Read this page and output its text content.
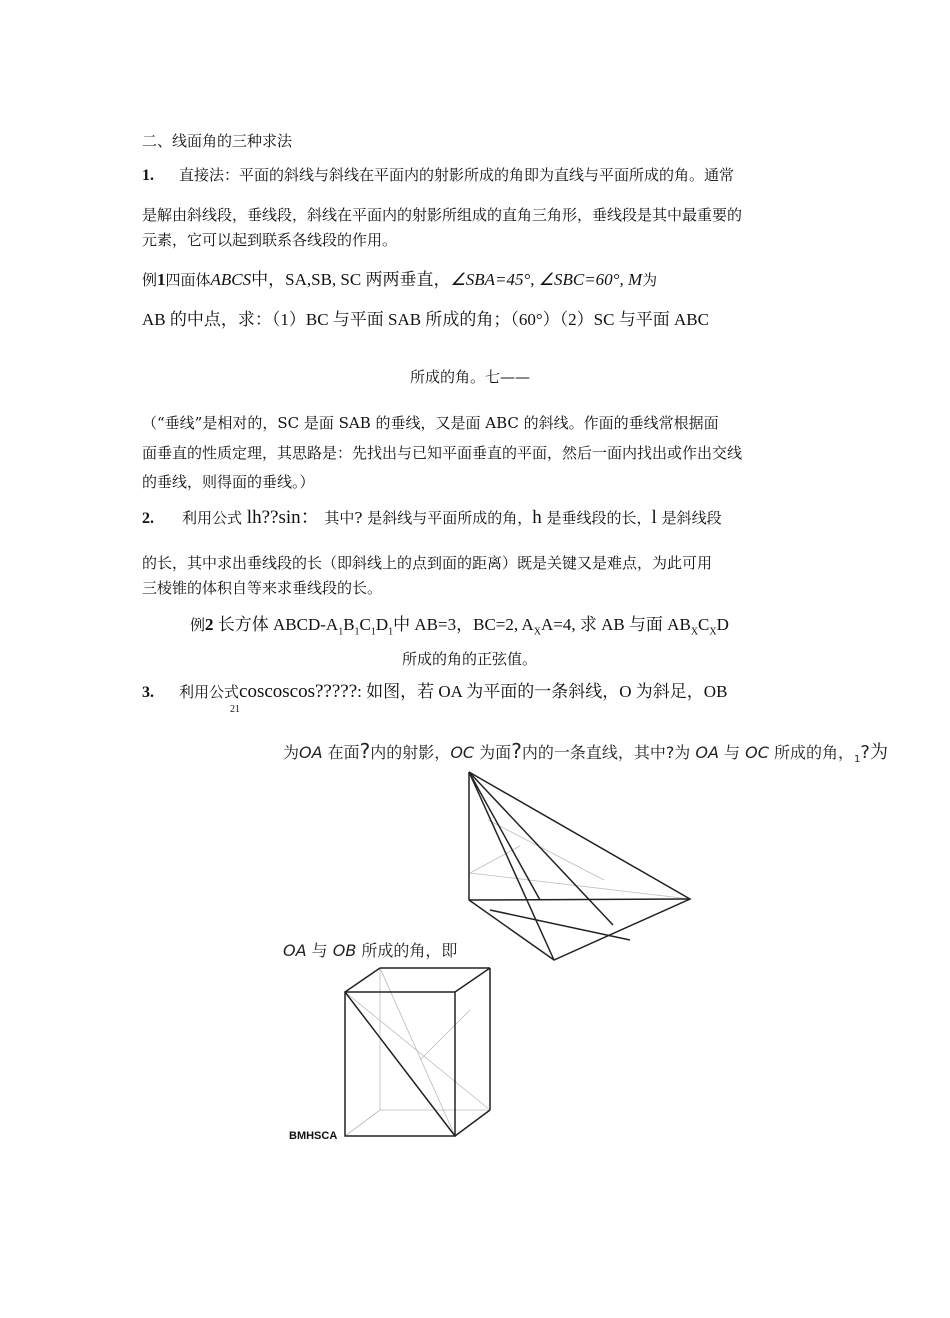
二、线面角的三种求法
1. 直接法：平面的斜线与斜线在平面内的射影所成的角即为直线与平面所成的角。通常
是解由斜线段，垂线段，斜线在平面内的射影所组成的直角三角形，垂线段是其中最重要的
元素，它可以起到联系各线段的作用。
例1四面体ABCS中，SA,SB, SC 两两垂直，∠SBA=45°, ∠SBC=60°, M为
AB 的中点，求：（1）BC 与平面 SAB 所成的角；（60°）（2）SC 与平面 ABC
所成的角。七——
（“垂线”是相对的，SC 是面 SAB 的垂线，又是面 ABC 的斜线。作面的垂线常根据面
面垂直的性质定理，其思路是：先找出与已知平面垂直的平面，然后一面内找出或作出交线
的垂线，则得面的垂线。）
2. 利用公式 lh??sin： 其中? 是斜线与平面所成的角，h 是垂线段的长，l 是斜线段
的长，其中求出垂线段的长（即斜线上的点到面的距离）既是关键又是难点，为此可用
三棱锥的体积自等来求垂线段的长。
例2 长方体 ABCD-$A_1B_1C_1D_1$中 AB=3，BC=2, $A_XA=4$, 求 AB 与面 $AB_XC_XD$
所成的角的正弦值。
3. 利用公式coscoscos?????: 如图，若 OA 为平面的一条斜线，O 为斜足，OB
21
为OA 在面?内的射影，OC 为面?内的一条直线，其中?为 OA 与 OC 所成的角，$_1$?为
OA 与 OB 所成的角，即
BMHSCA
